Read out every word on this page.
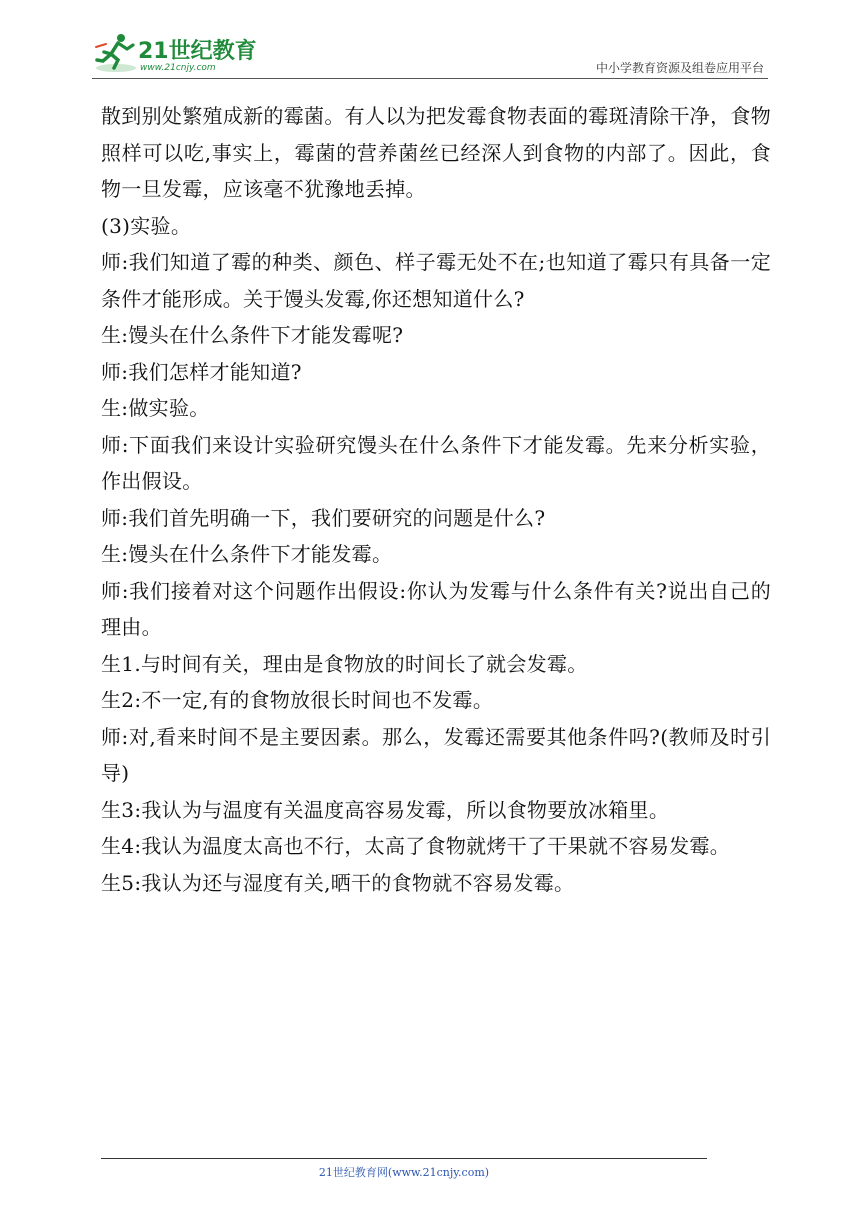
21世纪教育
www.21cnjy.com	中小学教育资源及组卷应用平台

散到别处繁殖成新的霉菌。有人以为把发霉食物表面的霉斑清除干净，食物照样可以吃,事实上，霉菌的营养菌丝已经深人到食物的内部了。因此，食物一旦发霉，应该毫不犹豫地丢掉。

(3)实验。

师:我们知道了霉的种类、颜色、样子霉无处不在;也知道了霉只有具备一定条件才能形成。关于馒头发霉,你还想知道什么?

生:馒头在什么条件下才能发霉呢?

师:我们怎样才能知道?

生:做实验。

师:下面我们来设计实验研究馒头在什么条件下才能发霉。先来分析实验，作出假设。

师:我们首先明确一下，我们要研究的问题是什么?

生:馒头在什么条件下才能发霉。

师:我们接着对这个问题作出假设:你认为发霉与什么条件有关?说出自己的理由。

生1.与时间有关，理由是食物放的时间长了就会发霉。

生2:不一定,有的食物放很长时间也不发霉。

师:对,看来时间不是主要因素。那么，发霉还需要其他条件吗?(教师及时引导)

生3:我认为与温度有关温度高容易发霉，所以食物要放冰箱里。

生4:我认为温度太高也不行，太高了食物就烤干了干果就不容易发霉。

生5:我认为还与湿度有关,晒干的食物就不容易发霉。

21世纪教育网(www.21cnjy.com)
